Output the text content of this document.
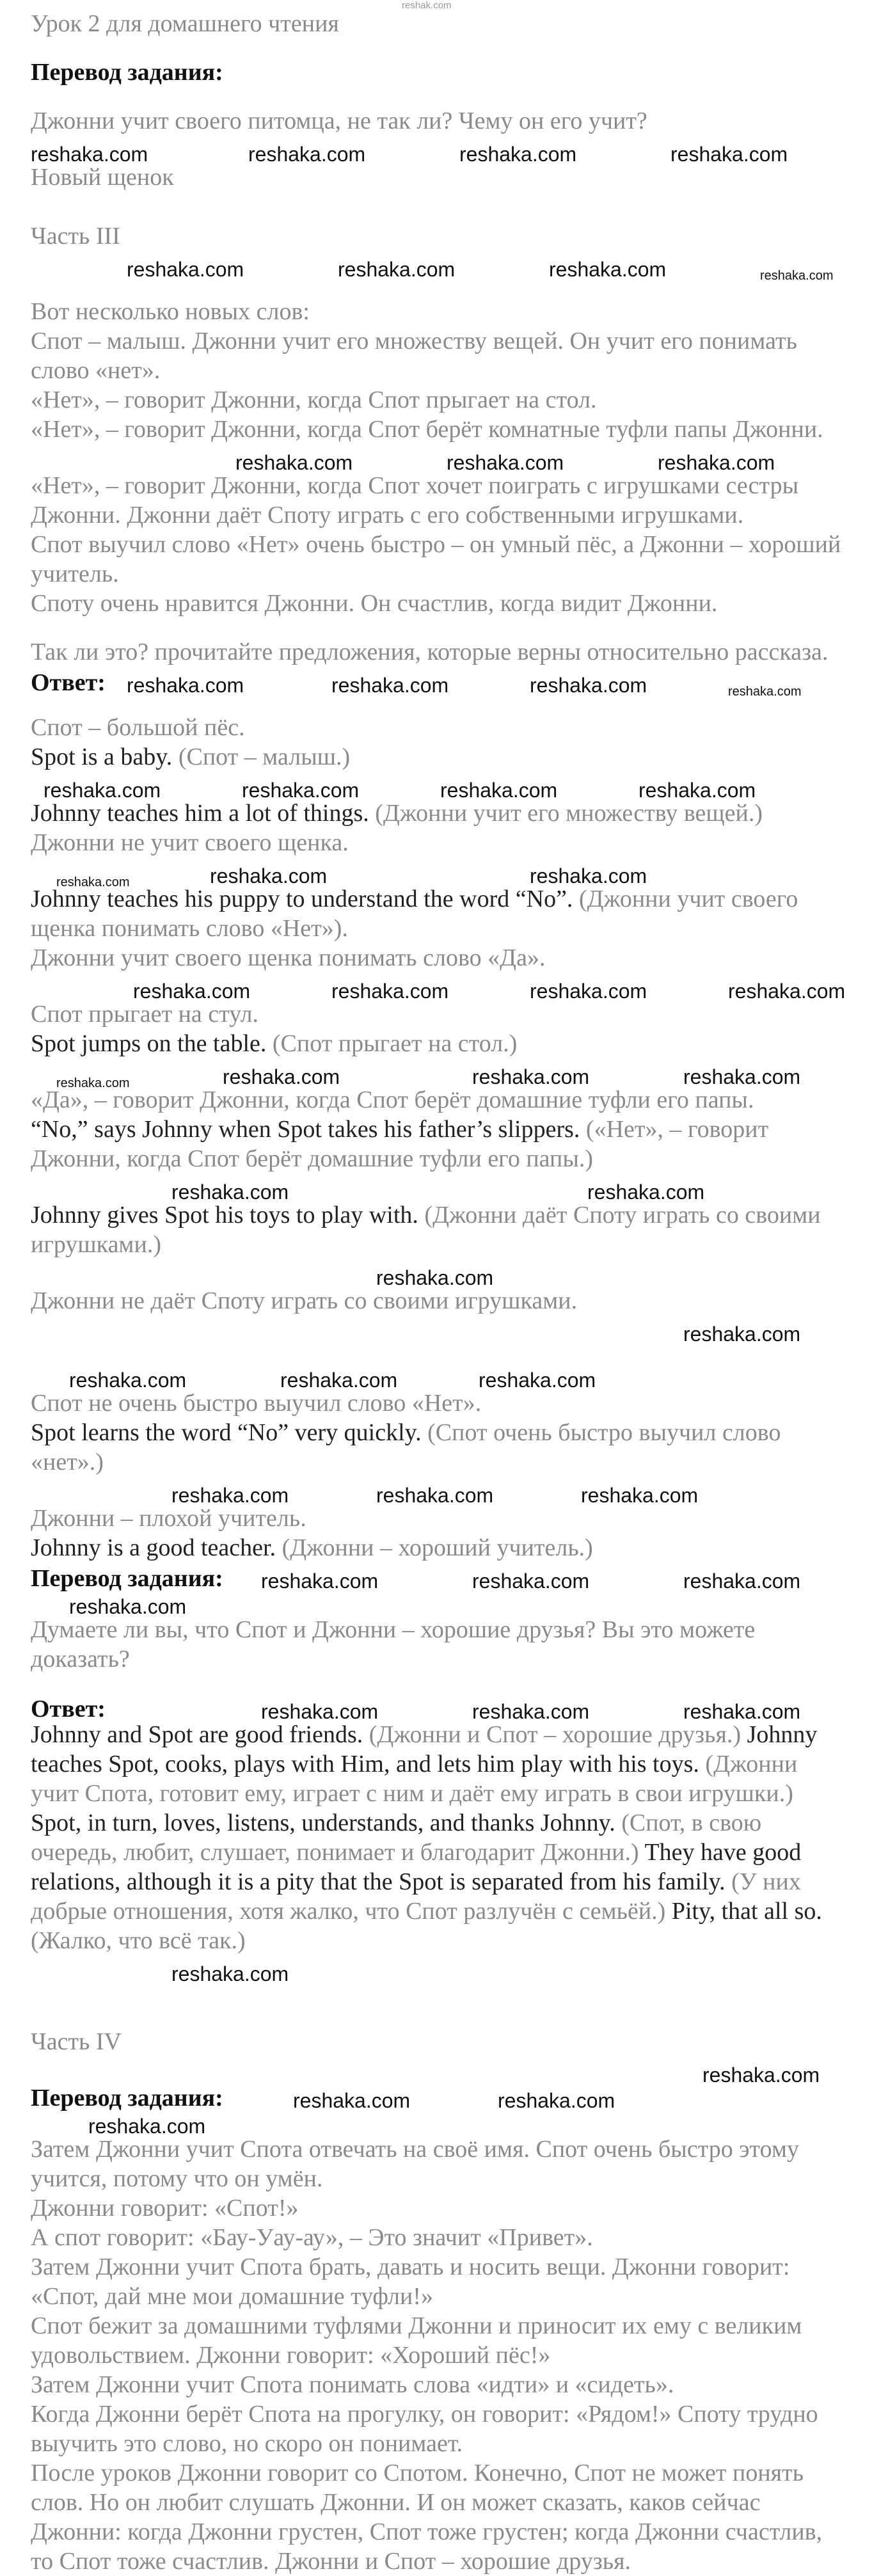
reshak.com

Урок 2 для домашнего чтения

Перевод задания:

Джонни учит своего питомца, не так ли? Чему он его учит?

reshaka.com	reshaka.com	reshaka.com	reshaka.com

Новый щенок

Часть III

reshaka.com	reshaka.com	reshaka.com	reshaka.com

Вот несколько новых слов:

Спот – малыш. Джонни учит его множеству вещей. Он учит его понимать слово «нет».

«Нет», – говорит Джонни, когда Спот прыгает на стол.

«Нет», – говорит Джонни, когда Спот берёт комнатные туфли папы Джонни.

reshaka.com	reshaka.com	reshaka.com

«Нет», – говорит Джонни, когда Спот хочет поиграть с игрушками сестры Джонни. Джонни даёт Споту играть с его собственными игрушками.

Спот выучил слово «Нет» очень быстро – он умный пёс, а Джонни – хороший учитель.

Споту очень нравится Джонни. Он счастлив, когда видит Джонни.

Так ли это? прочитайте предложения, которые верны относительно рассказа.

Ответ: reshaka.com	reshaka.com	reshaka.com	reshaka.com

Спот – большой пёс.

Spot is a baby. (Спот – малыш.)

reshaka.com	reshaka.com	reshaka.com	reshaka.com

Johnny teaches him a lot of things. (Джонни учит его множеству вещей.)

Джонни не учит своего щенка.

reshaka.com	reshaka.com	reshaka.com

Johnny teaches his puppy to understand the word “No”. (Джонни учит своего щенка понимать слово «Нет»).

Джонни учит своего щенка понимать слово «Да».

reshaka.com	reshaka.com	reshaka.com	reshaka.com

Спот прыгает на стул.

Spot jumps on the table. (Спот прыгает на стол.)

reshaka.com	reshaka.com	reshaka.com	reshaka.com

«Да», – говорит Джонни, когда Спот берёт домашние туфли его папы.

“No,” says Johnny when Spot takes his father’s slippers. («Нет», – говорит Джонни, когда Спот берёт домашние туфли его папы.)

reshaka.com	reshaka.com

Johnny gives Spot his toys to play with. (Джонни даёт Споту играть со своими игрушками.)

reshaka.com

Джонни не даёт Споту играть со своими игрушками.

reshaka.com
reshaka.com	reshaka.com	reshaka.com

Спот не очень быстро выучил слово «Нет».

Spot learns the word “No” very quickly. (Спот очень быстро выучил слово «нет».)

reshaka.com	reshaka.com	reshaka.com

Джонни – плохой учитель.

Johnny is a good teacher. (Джонни – хороший учитель.)

Перевод задания: reshaka.com	reshaka.com	reshaka.com
reshaka.com

Думаете ли вы, что Спот и Джонни – хорошие друзья? Вы это можете доказать?

Ответ:	reshaka.com	reshaka.com	reshaka.com

Johnny and Spot are good friends. (Джонни и Спот – хорошие друзья.) Johnny teaches Spot, cooks, plays with Him, and lets him play with his toys. (Джонни учит Спота, готовит ему, играет с ним и даёт ему играть в свои игрушки.) Spot, in turn, loves, listens, understands, and thanks Johnny. (Спот, в свою очередь, любит, слушает, понимает и благодарит Джонни.) They have good relations, although it is a pity that the Spot is separated from his family. (У них добрые отношения, хотя жалко, что Спот разлучён с семьёй.) Pity, that all so. (Жалко, что всё так.)

reshaka.com

Часть IV

reshaka.com
Перевод задания:	reshaka.com	reshaka.com
reshaka.com

Затем Джонни учит Спота отвечать на своё имя. Спот очень быстро этому учится, потому что он умён.

Джонни говорит: «Спот!»

А спот говорит: «Бау-Уау-ау», – Это значит «Привет».

Затем Джонни учит Спота брать, давать и носить вещи. Джонни говорит: «Спот, дай мне мои домашние туфли!»

Спот бежит за домашними туфлями Джонни и приносит их ему с великим удовольствием. Джонни говорит: «Хороший пёс!»

Затем Джонни учит Спота понимать слова «идти» и «сидеть».

Когда Джонни берёт Спота на прогулку, он говорит: «Рядом!» Споту трудно выучить это слово, но скоро он понимает.

После уроков Джонни говорит со Спотом. Конечно, Спот не может понять слов. Но он любит слушать Джонни. И он может сказать, каков сейчас Джонни: когда Джонни грустен, Спот тоже грустен; когда Джонни счастлив, то Спот тоже счастлив. Джонни и Спот – хорошие друзья.
